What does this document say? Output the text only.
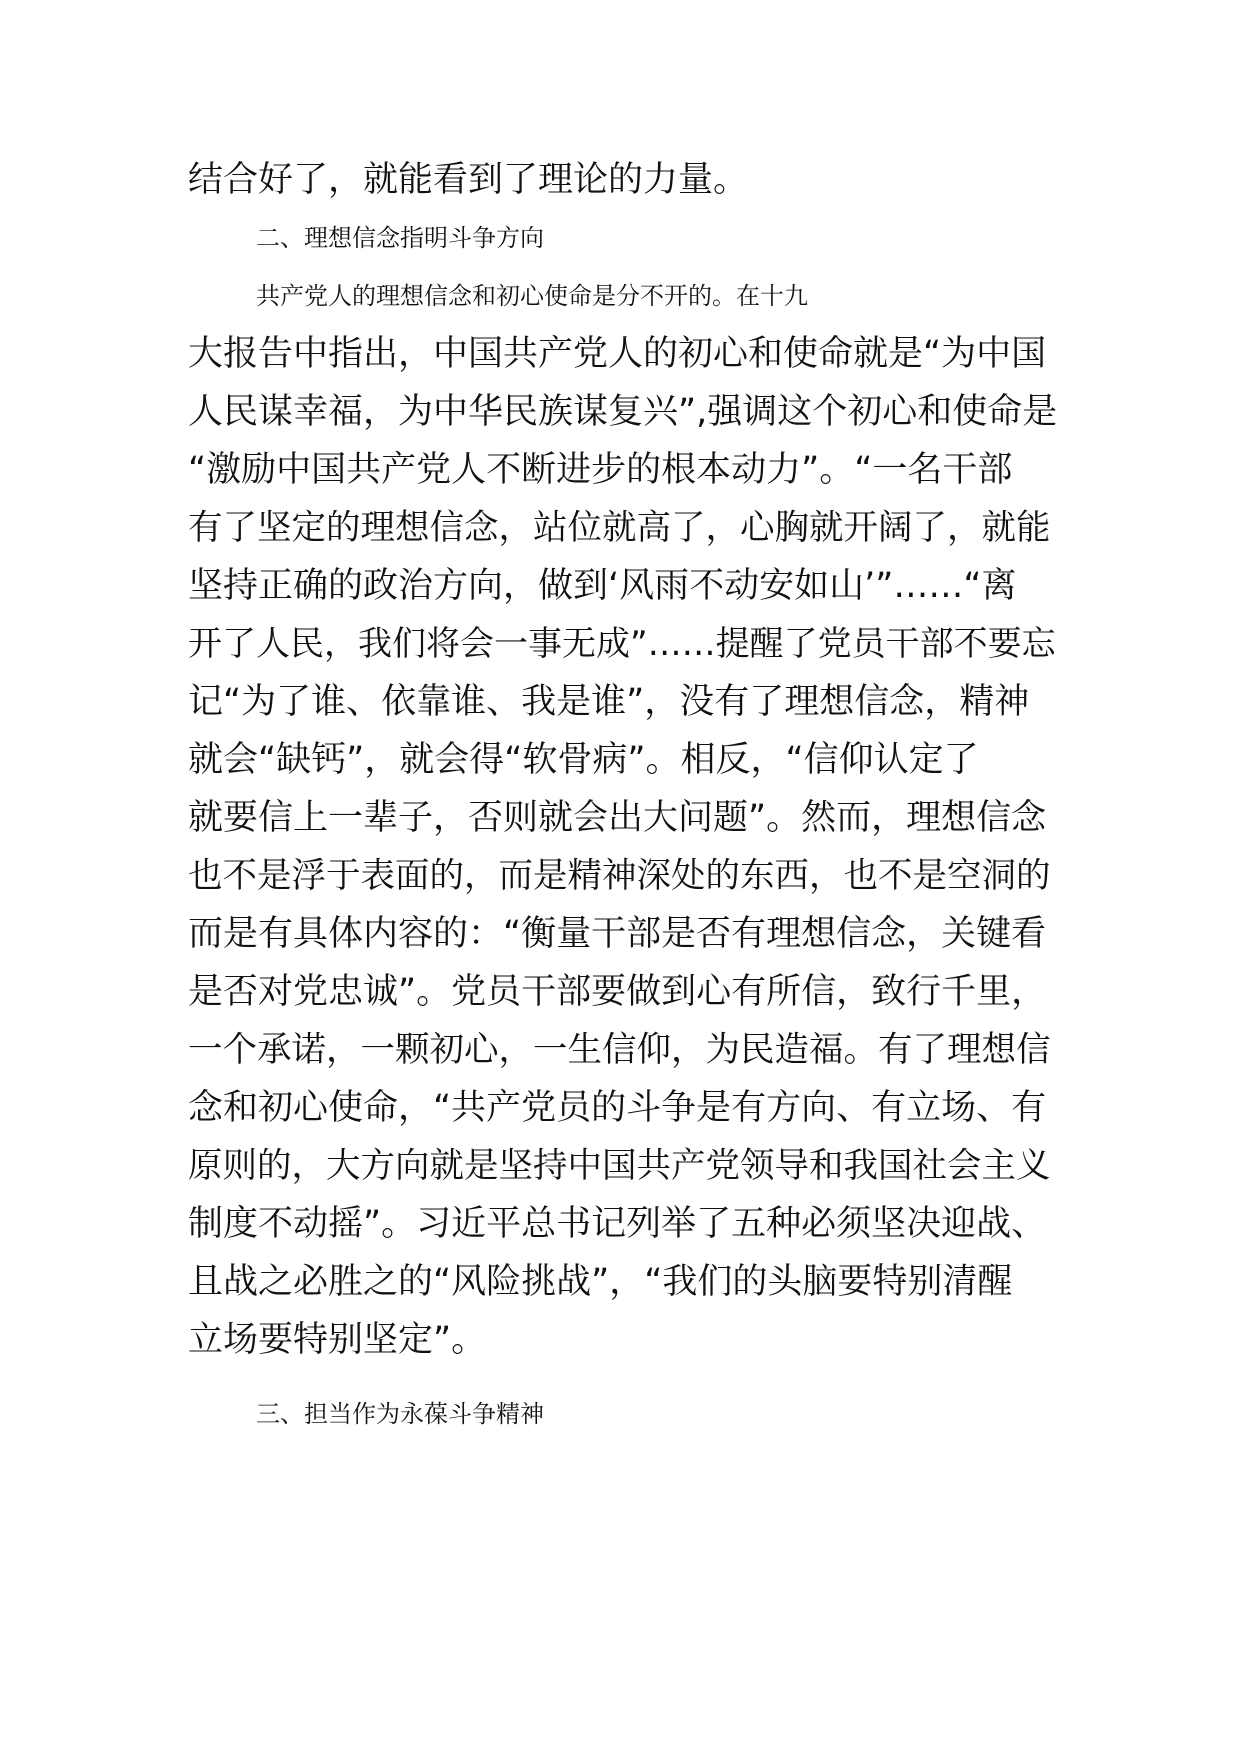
结合好了，就能看到了理论的力量。
二、理想信念指明斗争方向
共产党人的理想信念和初心使命是分不开的。在十九
大报告中指出，中国共产党人的初心和使命就是“为中国
人民谋幸福，为中华民族谋复兴”,强调这个初心和使命是
“激励中国共产党人不断进步的根本动力”。“一名干部
有了坚定的理想信念，站位就高了，心胸就开阔了，就能
坚持正确的政治方向，做到‘风雨不动安如山’”……“离
开了人民，我们将会一事无成”……提醒了党员干部不要忘
记“为了谁、依靠谁、我是谁”，没有了理想信念，精神
就会“缺钙”，就会得“软骨病”。相反，“信仰认定了
就要信上一辈子，否则就会出大问题”。然而，理想信念
也不是浮于表面的，而是精神深处的东西，也不是空洞的
而是有具体内容的：“衡量干部是否有理想信念，关键看
是否对党忠诚”。党员干部要做到心有所信，致行千里，
一个承诺，一颗初心，一生信仰，为民造福。有了理想信
念和初心使命，“共产党员的斗争是有方向、有立场、有
原则的，大方向就是坚持中国共产党领导和我国社会主义
制度不动摇”。习近平总书记列举了五种必须坚决迎战、
且战之必胜之的“风险挑战”，“我们的头脑要特别清醒
立场要特别坚定”。
三、担当作为永葆斗争精神
